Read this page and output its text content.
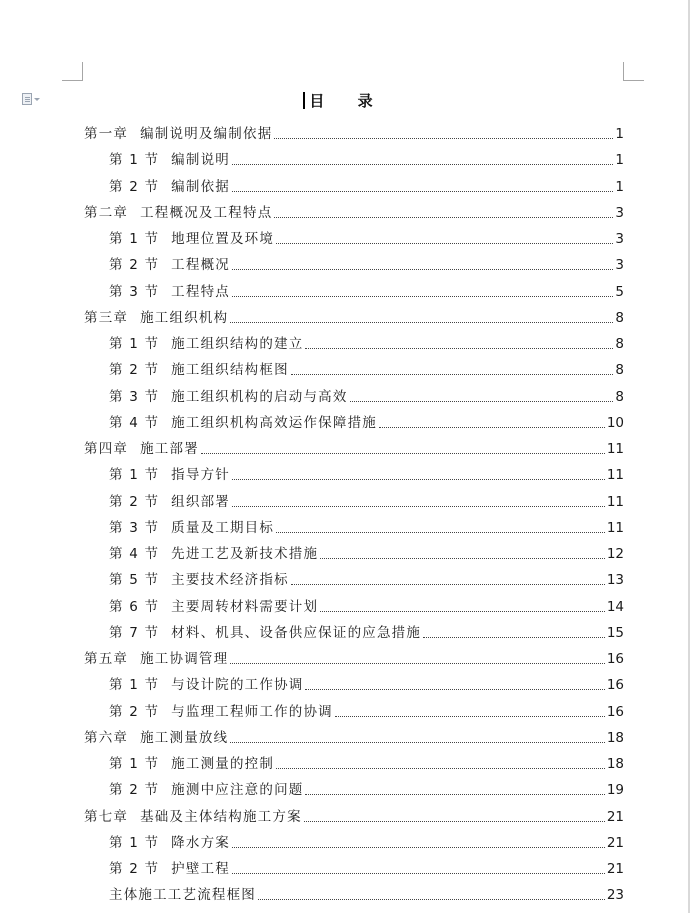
目 录
第一章 编制说明及编制依据	1
第 1 节 编制说明	1
第 2 节 编制依据	1
第二章 工程概况及工程特点	3
第 1 节 地理位置及环境	3
第 2 节 工程概况	3
第 3 节 工程特点	5
第三章 施工组织机构	8
第 1 节 施工组织结构的建立	8
第 2 节 施工组织结构框图	8
第 3 节 施工组织机构的启动与高效	8
第 4 节 施工组织机构高效运作保障措施	10
第四章 施工部署	11
第 1 节 指导方针	11
第 2 节 组织部署	11
第 3 节 质量及工期目标	11
第 4 节 先进工艺及新技术措施	12
第 5 节 主要技术经济指标	13
第 6 节 主要周转材料需要计划	14
第 7 节 材料、机具、设备供应保证的应急措施	15
第五章 施工协调管理	16
第 1 节 与设计院的工作协调	16
第 2 节 与监理工程师工作的协调	16
第六章 施工测量放线	18
第 1 节 施工测量的控制	18
第 2 节 施测中应注意的问题	19
第七章 基础及主体结构施工方案	21
第 1 节 降水方案	21
第 2 节 护壁工程	21
主体施工工艺流程框图	23
